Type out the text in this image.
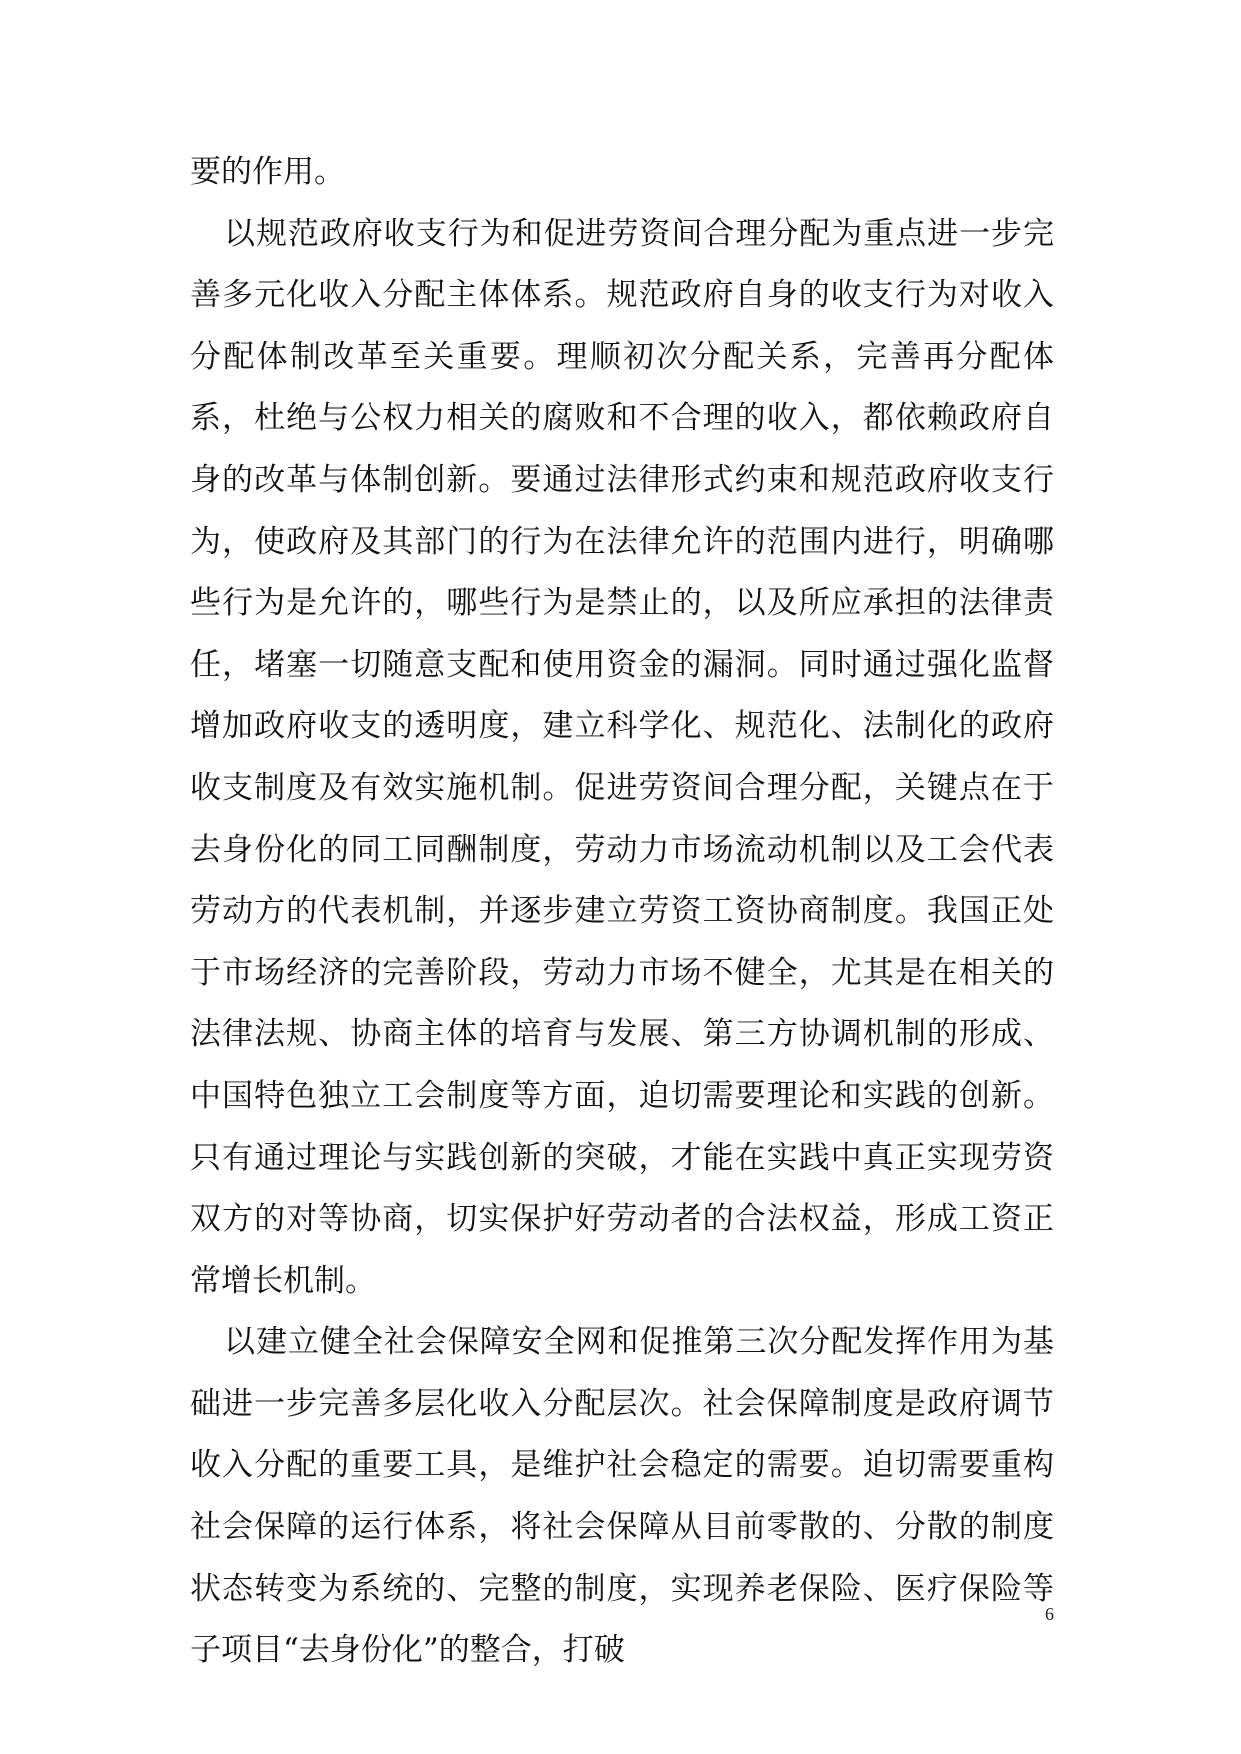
要的作用。

以规范政府收支行为和促进劳资间合理分配为重点进一步完善多元化收入分配主体体系。规范政府自身的收支行为对收入分配体制改革至关重要。理顺初次分配关系，完善再分配体系，杜绝与公权力相关的腐败和不合理的收入，都依赖政府自身的改革与体制创新。要通过法律形式约束和规范政府收支行为，使政府及其部门的行为在法律允许的范围内进行，明确哪些行为是允许的，哪些行为是禁止的，以及所应承担的法律责任，堵塞一切随意支配和使用资金的漏洞。同时通过强化监督增加政府收支的透明度，建立科学化、规范化、法制化的政府收支制度及有效实施机制。促进劳资间合理分配，关键点在于去身份化的同工同酬制度，劳动力市场流动机制以及工会代表劳动方的代表机制，并逐步建立劳资工资协商制度。我国正处于市场经济的完善阶段，劳动力市场不健全，尤其是在相关的法律法规、协商主体的培育与发展、第三方协调机制的形成、中国特色独立工会制度等方面，迫切需要理论和实践的创新。只有通过理论与实践创新的突破，才能在实践中真正实现劳资双方的对等协商，切实保护好劳动者的合法权益，形成工资正常增长机制。

以建立健全社会保障安全网和促推第三次分配发挥作用为基础进一步完善多层化收入分配层次。社会保障制度是政府调节收入分配的重要工具，是维护社会稳定的需要。迫切需要重构社会保障的运行体系，将社会保障从目前零散的、分散的制度状态转变为系统的、完整的制度，实现养老保险、医疗保险等子项目“去身份化”的整合，打破

6
